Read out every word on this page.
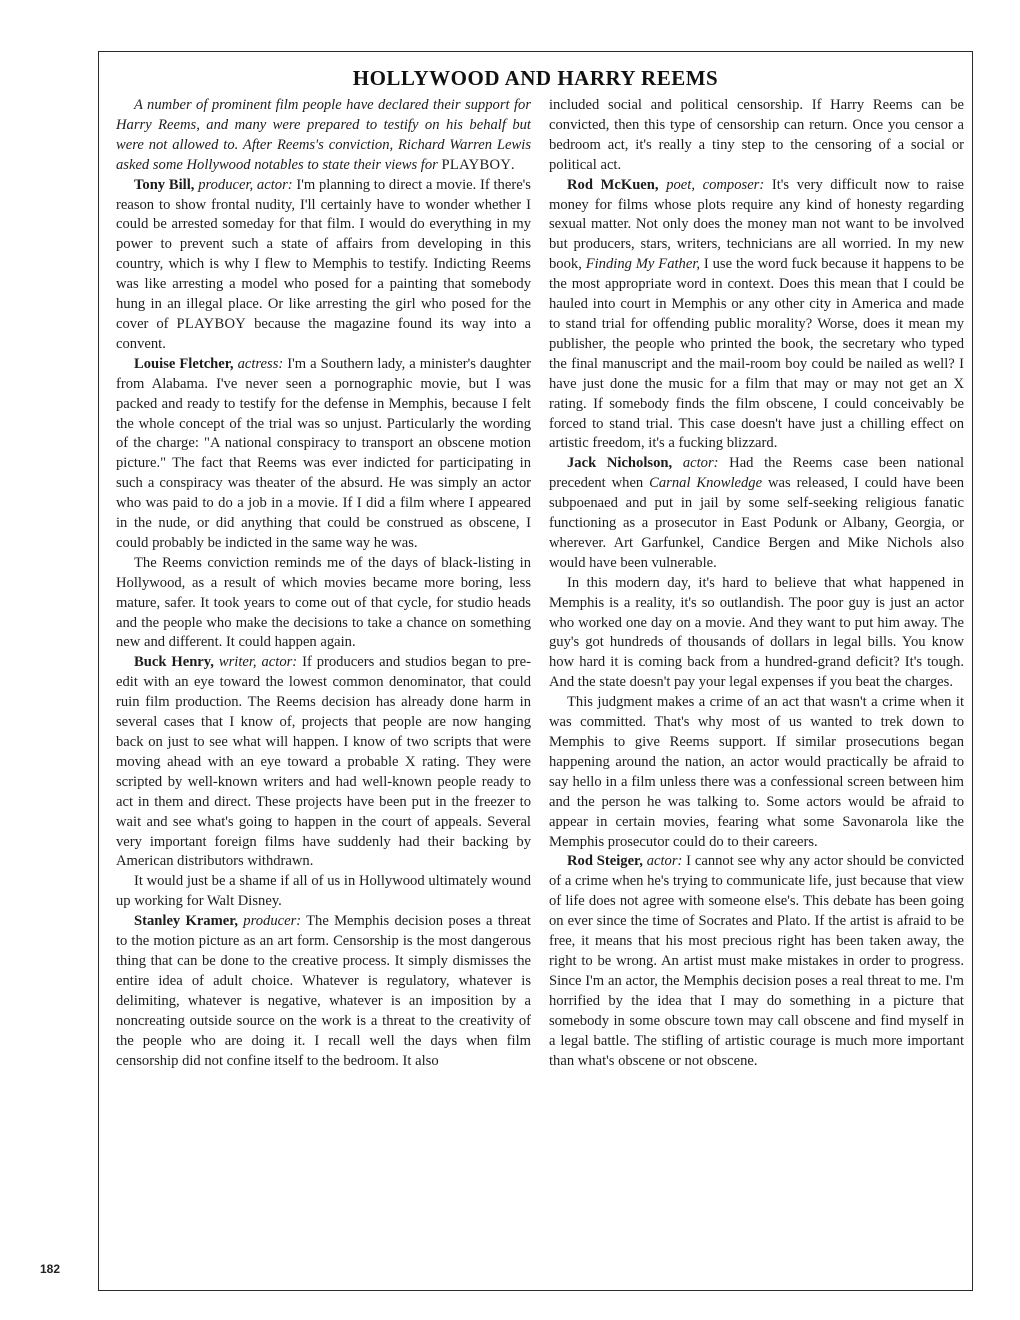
HOLLYWOOD AND HARRY REEMS

A number of prominent film people have declared their support for Harry Reems, and many were prepared to testify on his behalf but were not allowed to. After Reems's conviction, Richard Warren Lewis asked some Hollywood notables to state their views for PLAYBOY.

Tony Bill, producer, actor: I'm planning to direct a movie. If there's reason to show frontal nudity, I'll certainly have to wonder whether I could be arrested someday for that film. I would do everything in my power to prevent such a state of affairs from developing in this country, which is why I flew to Memphis to testify. Indicting Reems was like arresting a model who posed for a painting that somebody hung in an illegal place. Or like arresting the girl who posed for the cover of PLAYBOY because the magazine found its way into a convent.

Louise Fletcher, actress: I'm a Southern lady, a minister's daughter from Alabama. I've never seen a pornographic movie, but I was packed and ready to testify for the defense in Memphis, because I felt the whole concept of the trial was so unjust. Particularly the wording of the charge: "A national conspiracy to transport an obscene motion picture." The fact that Reems was ever indicted for participating in such a conspiracy was theater of the absurd. He was simply an actor who was paid to do a job in a movie. If I did a film where I appeared in the nude, or did anything that could be construed as obscene, I could probably be indicted in the same way he was.

The Reems conviction reminds me of the days of black-listing in Hollywood, as a result of which movies became more boring, less mature, safer. It took years to come out of that cycle, for studio heads and the people who make the decisions to take a chance on something new and different. It could happen again.

Buck Henry, writer, actor: If producers and studios began to pre-edit with an eye toward the lowest common denominator, that could ruin film production. The Reems decision has already done harm in several cases that I know of, projects that people are now hanging back on just to see what will happen. I know of two scripts that were moving ahead with an eye toward a probable X rating. They were scripted by well-known writers and had well-known people ready to act in them and direct. These projects have been put in the freezer to wait and see what's going to happen in the court of appeals. Several very important foreign films have suddenly had their backing by American distributors withdrawn.

It would just be a shame if all of us in Hollywood ultimately wound up working for Walt Disney.

Stanley Kramer, producer: The Memphis decision poses a threat to the motion picture as an art form. Censorship is the most dangerous thing that can be done to the creative process. It simply dismisses the entire idea of adult choice. Whatever is regulatory, whatever is delimiting, whatever is negative, whatever is an imposition by a noncreating outside source on the work is a threat to the creativity of the people who are doing it. I recall well the days when film censorship did not confine itself to the bedroom. It also

included social and political censorship. If Harry Reems can be convicted, then this type of censorship can return. Once you censor a bedroom act, it's really a tiny step to the censoring of a social or political act.

Rod McKuen, poet, composer: It's very difficult now to raise money for films whose plots require any kind of honesty regarding sexual matter. Not only does the money man not want to be involved but producers, stars, writers, technicians are all worried. In my new book, Finding My Father, I use the word fuck because it happens to be the most appropriate word in context. Does this mean that I could be hauled into court in Memphis or any other city in America and made to stand trial for offending public morality? Worse, does it mean my publisher, the people who printed the book, the secretary who typed the final manuscript and the mail-room boy could be nailed as well? I have just done the music for a film that may or may not get an X rating. If somebody finds the film obscene, I could conceivably be forced to stand trial. This case doesn't have just a chilling effect on artistic freedom, it's a fucking blizzard.

Jack Nicholson, actor: Had the Reems case been national precedent when Carnal Knowledge was released, I could have been subpoenaed and put in jail by some self-seeking religious fanatic functioning as a prosecutor in East Podunk or Albany, Georgia, or wherever. Art Garfunkel, Candice Bergen and Mike Nichols also would have been vulnerable.

In this modern day, it's hard to believe that what happened in Memphis is a reality, it's so outlandish. The poor guy is just an actor who worked one day on a movie. And they want to put him away. The guy's got hundreds of thousands of dollars in legal bills. You know how hard it is coming back from a hundred-grand deficit? It's tough. And the state doesn't pay your legal expenses if you beat the charges.

This judgment makes a crime of an act that wasn't a crime when it was committed. That's why most of us wanted to trek down to Memphis to give Reems support. If similar prosecutions began happening around the nation, an actor would practically be afraid to say hello in a film unless there was a confessional screen between him and the person he was talking to. Some actors would be afraid to appear in certain movies, fearing what some Savonarola like the Memphis prosecutor could do to their careers.

Rod Steiger, actor: I cannot see why any actor should be convicted of a crime when he's trying to communicate life, just because that view of life does not agree with someone else's. This debate has been going on ever since the time of Socrates and Plato. If the artist is afraid to be free, it means that his most precious right has been taken away, the right to be wrong. An artist must make mistakes in order to progress. Since I'm an actor, the Memphis decision poses a real threat to me. I'm horrified by the idea that I may do something in a picture that somebody in some obscure town may call obscene and find myself in a legal battle. The stifling of artistic courage is much more important than what's obscene or not obscene.

182
